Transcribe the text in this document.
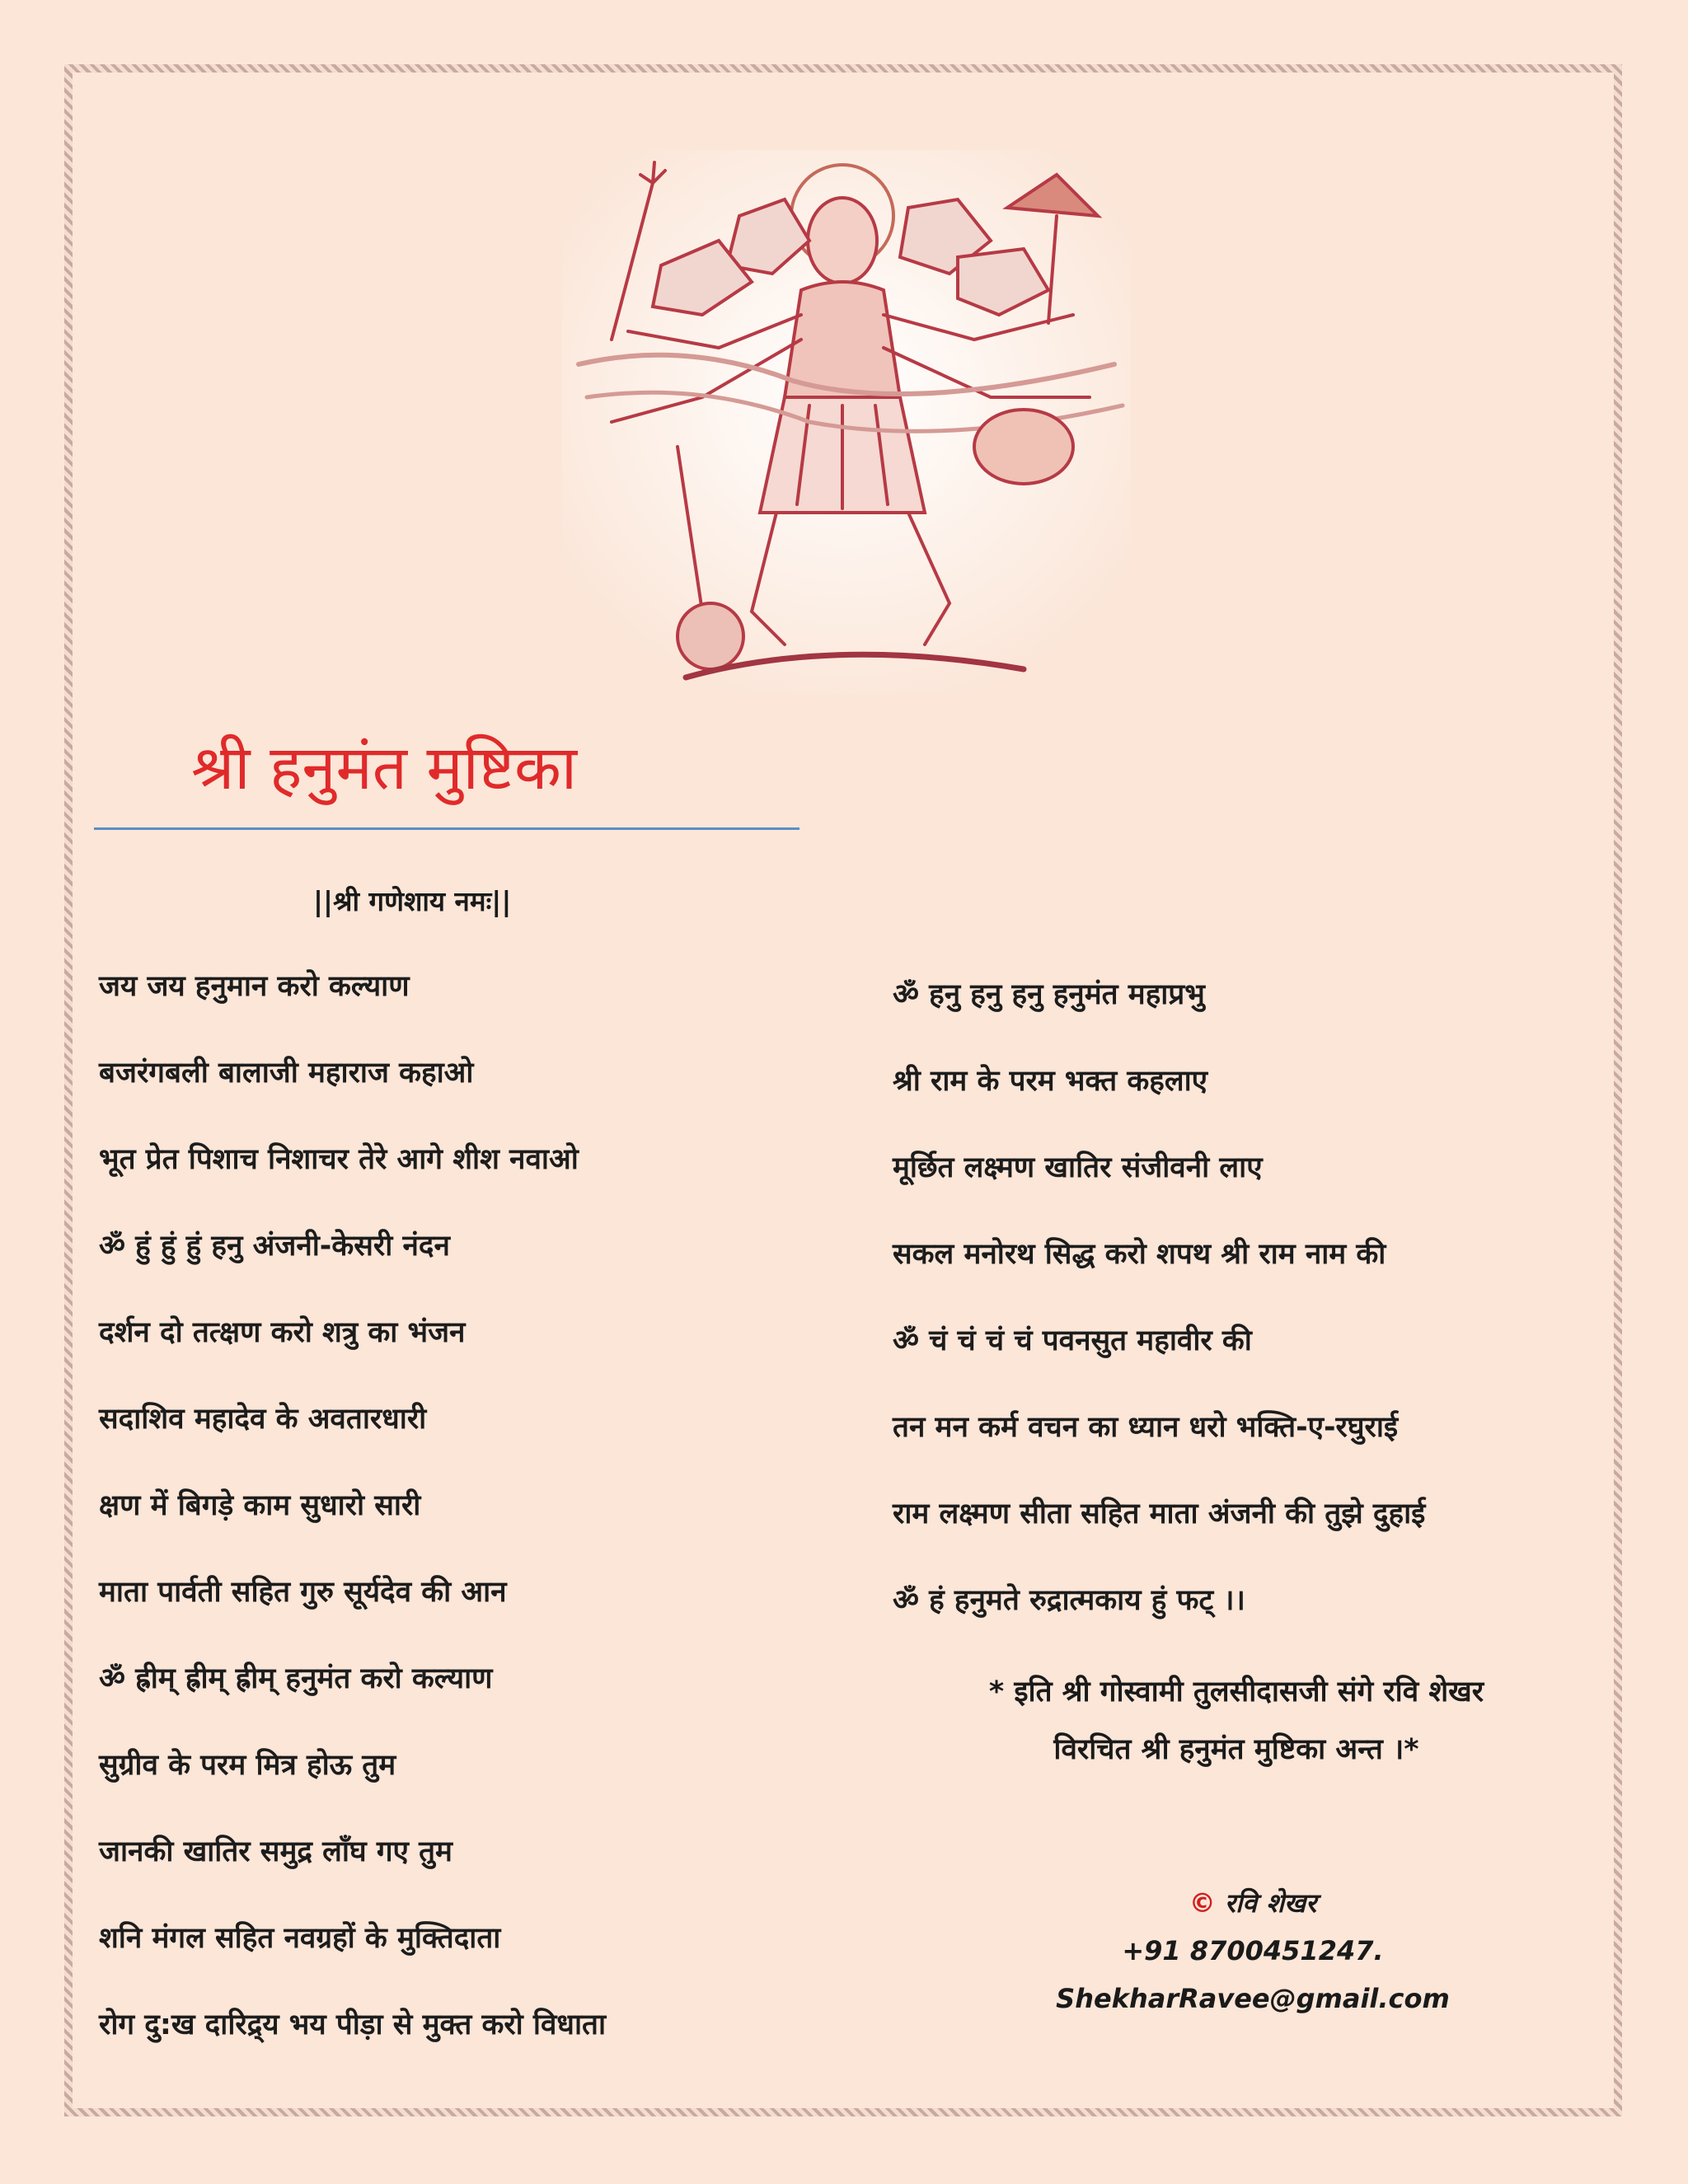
श्री हनुमंत मुष्टिका
||श्री गणेशाय नमः||
जय जय हनुमान करो कल्याण
बजरंगबली बालाजी महाराज कहाओ
भूत प्रेत पिशाच निशाचर तेरे आगे शीश नवाओ
ॐ हुं हुं हुं हनु अंजनी-केसरी नंदन
दर्शन दो तत्क्षण करो शत्रु का भंजन
सदाशिव महादेव के अवतारधारी
क्षण में बिगड़े काम सुधारो सारी
माता पार्वती सहित गुरु सूर्यदेव की आन
ॐ ह्रीम् ह्रीम् ह्रीम् हनुमंत करो कल्याण
सुग्रीव के परम मित्र होऊ तुम
जानकी खातिर समुद्र लाँघ गए तुम
शनि मंगल सहित नवग्रहों के मुक्तिदाता
रोग दु:ख दारिद्र्य भय पीड़ा से मुक्त करो विधाता
ॐ हनु हनु हनु हनुमंत महाप्रभु
श्री राम के परम भक्त कहलाए
मूर्छित लक्ष्मण खातिर संजीवनी लाए
सकल मनोरथ सिद्ध करो शपथ श्री राम नाम की
ॐ चं चं चं चं पवनसुत महावीर की
तन मन कर्म वचन का ध्यान धरो भक्ति-ए-रघुराई
राम लक्ष्मण सीता सहित माता अंजनी की तुझे दुहाई
ॐ हं हनुमते रुद्रात्मकाय हुं फट् ।।
* इति श्री गोस्वामी तुलसीदासजी संगे रवि शेखर
विरचित श्री हनुमंत मुष्टिका अन्त ।*
© रवि शेखर
+91 8700451247.
ShekharRavee@gmail.com
